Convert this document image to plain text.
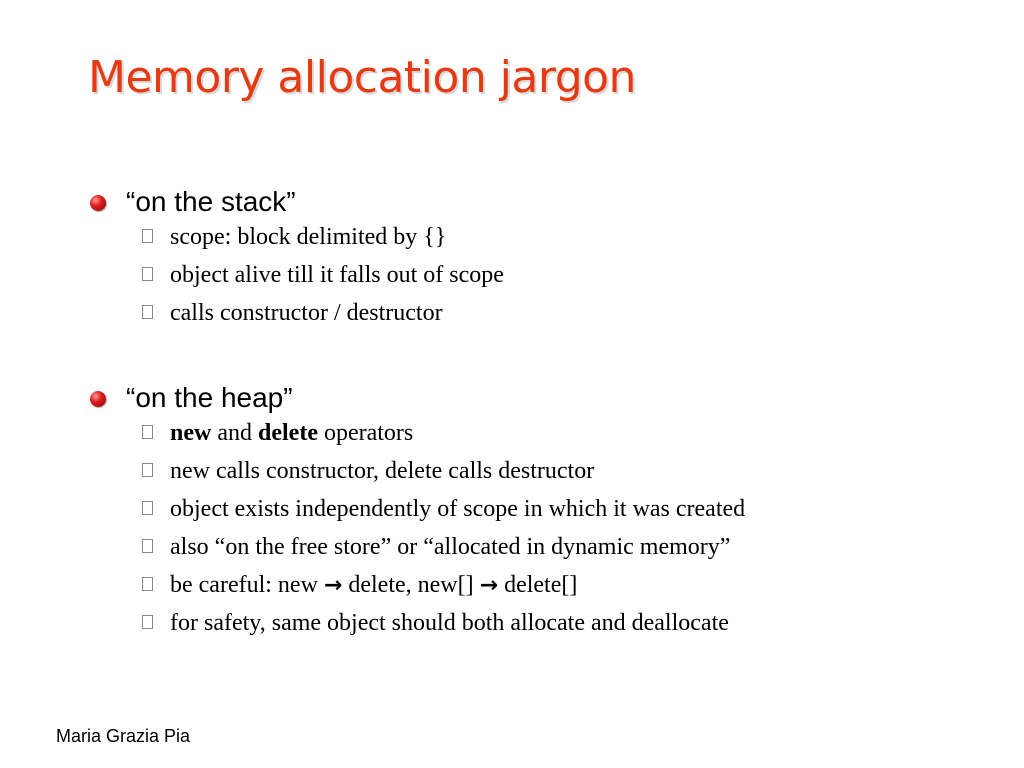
Memory allocation jargon
“on the stack”
scope: block delimited by {}
object alive till it falls out of scope
calls constructor / destructor
“on the heap”
new and delete operators
new calls constructor, delete calls destructor
object exists independently of scope in which it was created
also “on the free store” or “allocated in dynamic memory”
be careful: new → delete, new[] → delete[]
for safety, same object should both allocate and deallocate
Maria Grazia Pia
